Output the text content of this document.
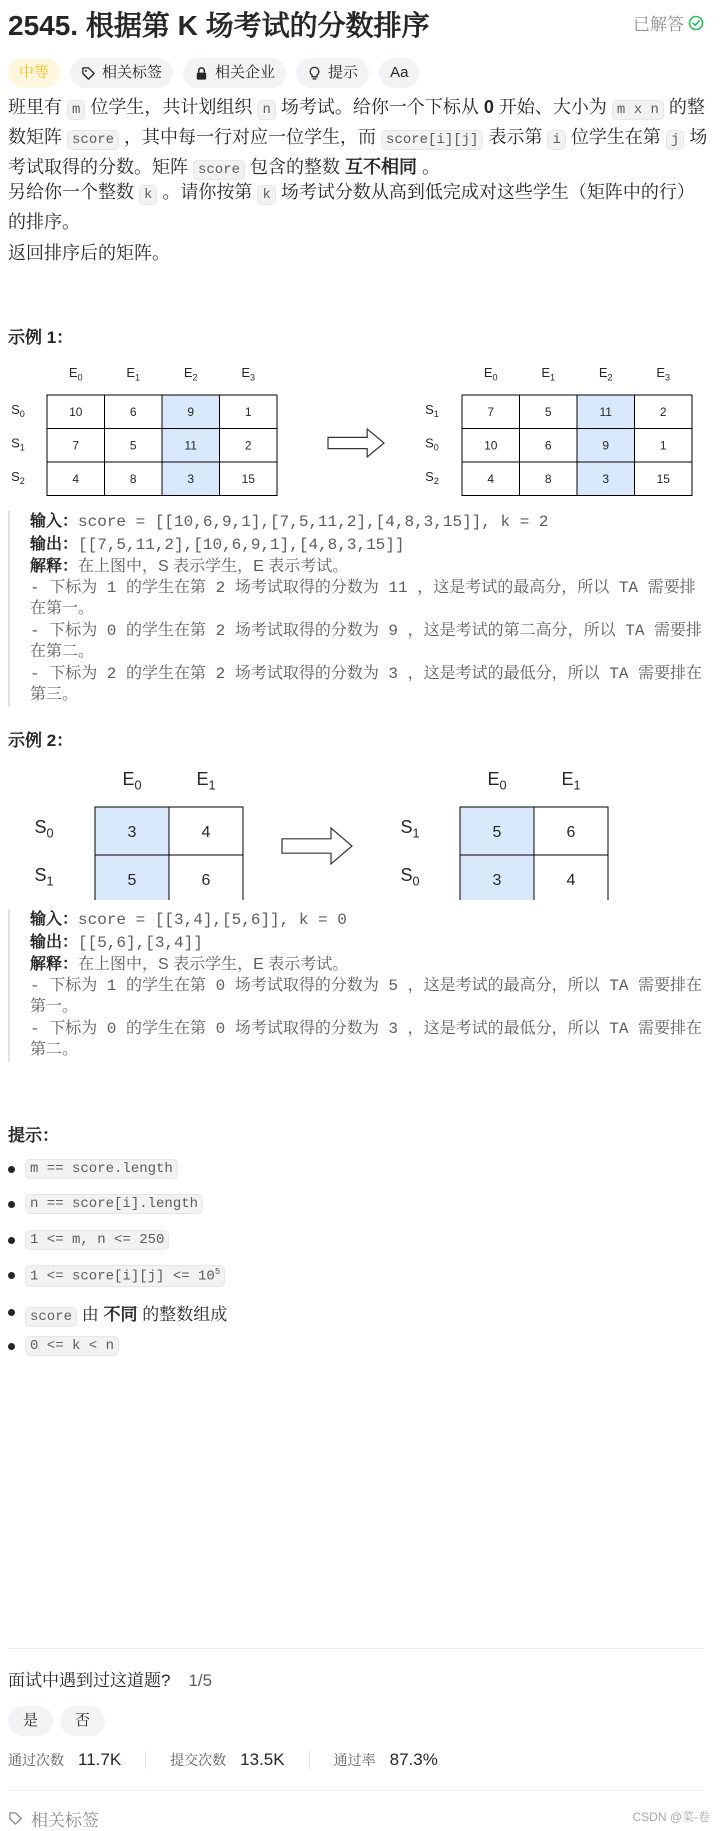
2545. 根据第 K 场考试的分数排序	已解答
中等	相关标签	相关企业	提示	Aa
班里有 m 位学生，共计划组织 n 场考试。给你一个下标从 0 开始、大小为 m x n 的整数矩阵 score ，其中每一行对应一位学生，而 score[i][j] 表示第 i 位学生在第 j 场考试取得的分数。矩阵 score 包含的整数 互不相同 。
另给你一个整数 k 。请你按第 k 场考试分数从高到低完成对这些学生（矩阵中的行）的排序。
返回排序后的矩阵。
示例 1：
$E_0$	$E_1$	$E_2$	$E_3$
$S_0$	10	6	9	1
$S_1$	7	5	11	2
$S_2$	4	8	3	15
$E_0$	$E_1$	$E_2$	$E_3$
$S_1$	7	5	11	2
$S_0$	10	6	9	1
$S_2$	4	8	3	15
输入：score = [[10,6,9,1],[7,5,11,2],[4,8,3,15]], k = 2
输出：[[7,5,11,2],[10,6,9,1],[4,8,3,15]]
解释：在上图中，S 表示学生，E 表示考试。
- 下标为 1 的学生在第 2 场考试取得的分数为 11 ，这是考试的最高分，所以 TA 需要排在第一。
- 下标为 0 的学生在第 2 场考试取得的分数为 9 ，这是考试的第二高分，所以 TA 需要排在第二。
- 下标为 2 的学生在第 2 场考试取得的分数为 3 ，这是考试的最低分，所以 TA 需要排在第三。
示例 2：
$E_0$	$E_1$
$S_0$	3	4
$S_1$	5	6
$E_0$	$E_1$
$S_1$	5	6
$S_0$	3	4
输入：score = [[3,4],[5,6]], k = 0
输出：[[5,6],[3,4]]
解释：在上图中，S 表示学生，E 表示考试。
- 下标为 1 的学生在第 0 场考试取得的分数为 5 ，这是考试的最高分，所以 TA 需要排在第一。
- 下标为 0 的学生在第 0 场考试取得的分数为 3 ，这是考试的最低分，所以 TA 需要排在第二。
提示：
m == score.length
n == score[i].length
1 <= m, n <= 250
1 <= score[i][j] <= $10^5$
score 由 不同 的整数组成
0 <= k < n
面试中遇到过这道题? 1/5
是	否
通过次数 11.7K	提交次数 13.5K	通过率 87.3%
相关标签	CSDN @菜-卷
